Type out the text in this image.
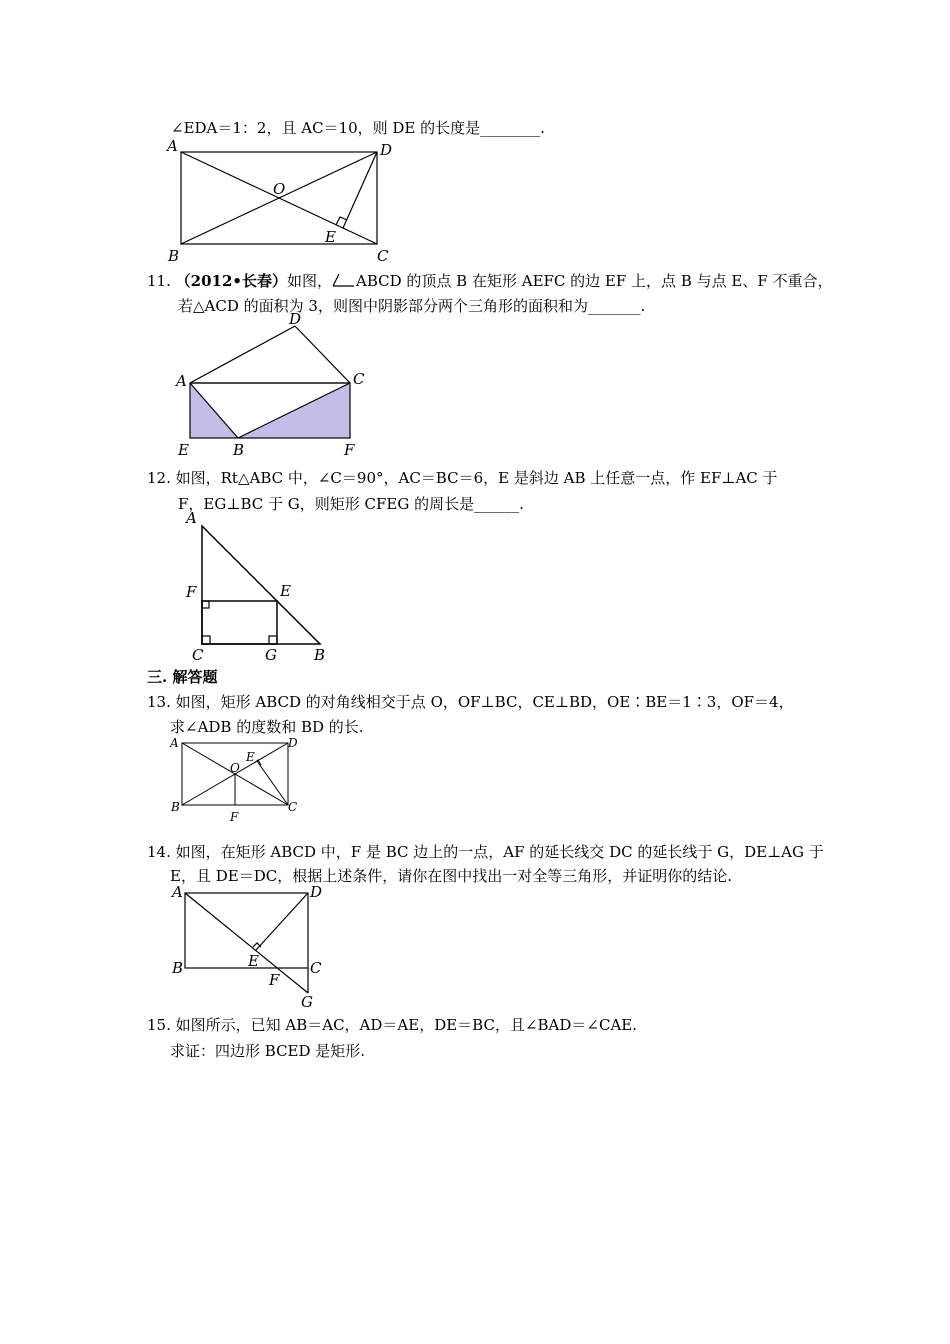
∠EDA＝1：2，且 AC＝10，则 DE 的长度是________.
A
B	C
D
O
E
11. （2012•长春）如图， ABCD 的顶点 B 在矩形 AEFC 的边 EF 上，点 B 与点 E、F 不重合，
若△ACD 的面积为 3，则图中阴影部分两个三角形的面积和为_______.
A
B
C
D
E	F
12. 如图，Rt△ABC 中，∠C＝90°，AC＝BC＝6，E 是斜边 AB 上任意一点，作 EF⊥AC 于
F，EG⊥BC 于 G，则矩形 CFEG 的周长是______.
A
F	E
C	G B
三. 解答题
13. 如图，矩形 ABCD 的对角线相交于点 O，OF⊥BC，CE⊥BD，OE∶BE＝1∶3，OF＝4，
求∠ADB 的度数和 BD 的长.
A
B	C
D
O
E
F
14. 如图，在矩形 ABCD 中，F 是 BC 边上的一点，AF 的延长线交 DC 的延长线于 G，DE⊥AG 于
E，且 DE＝DC，根据上述条件，请你在图中找出一对全等三角形，并证明你的结论.
A
B	C
D
E
F
G
15. 如图所示，已知 AB＝AC，AD＝AE，DE＝BC，且∠BAD＝∠CAE.
求证：四边形 BCED 是矩形.
